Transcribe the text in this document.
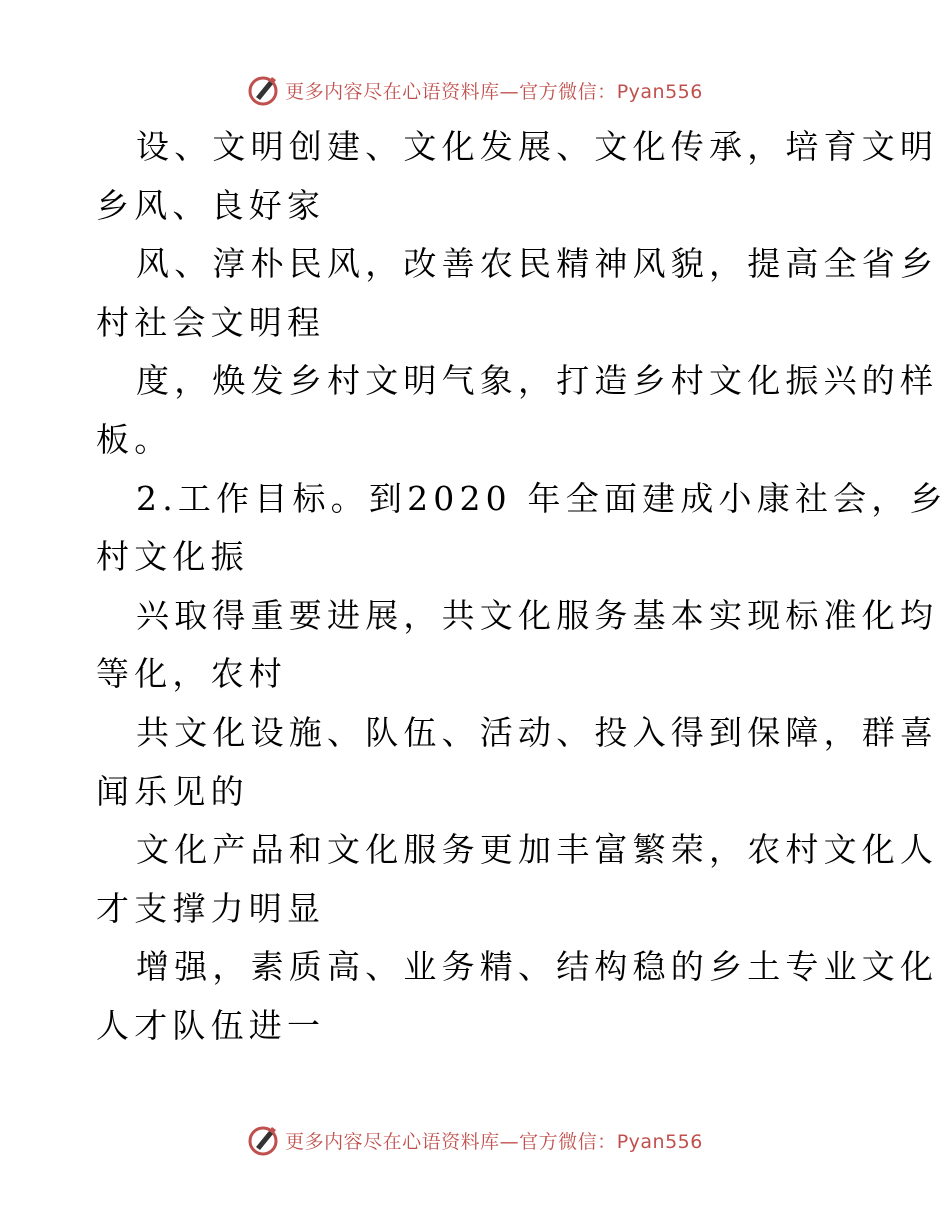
更多内容尽在心语资料库—官方微信：Pyan556
设、文明创建、文化发展、文化传承，培育文明
乡风、良好家
风、淳朴民风，改善农民精神风貌，提高全省乡
村社会文明程
度，焕发乡村文明气象，打造乡村文化振兴的样
板。
2.工作目标。到2020 年全面建成小康社会，乡
村文化振
兴取得重要进展，共文化服务基本实现标准化均
等化，农村
共文化设施、队伍、活动、投入得到保障，群喜
闻乐见的
文化产品和文化服务更加丰富繁荣，农村文化人
才支撑力明显
增强，素质高、业务精、结构稳的乡土专业文化
人才队伍进一
更多内容尽在心语资料库—官方微信：Pyan556
